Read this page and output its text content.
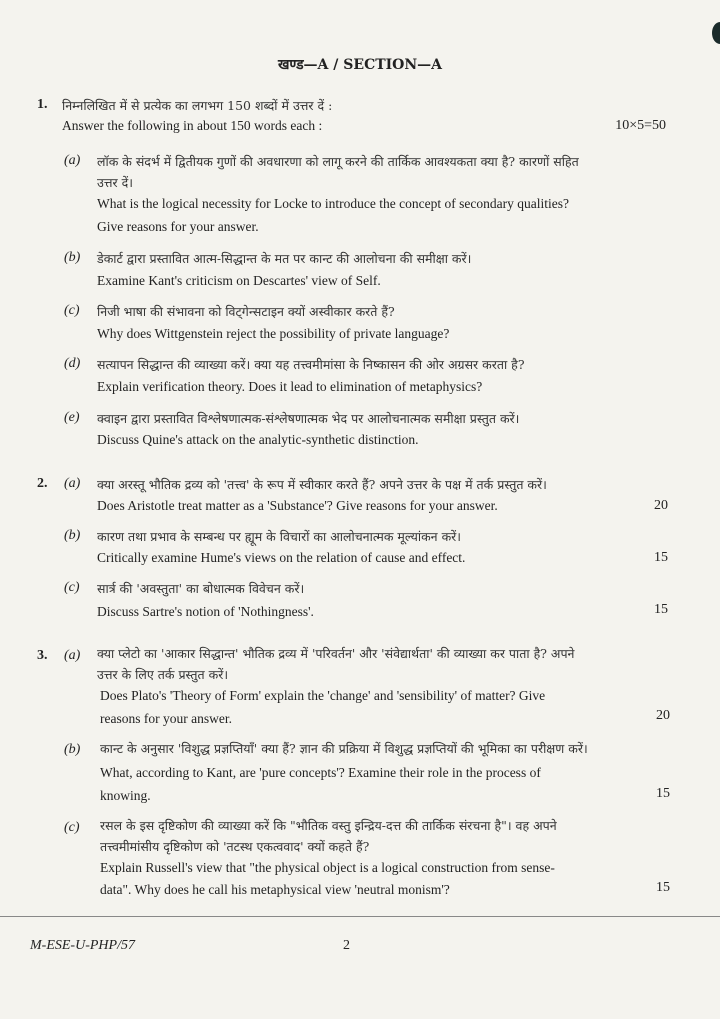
खण्ड—A / SECTION—A
1. निम्नलिखित में से प्रत्येक का लगभग 150 शब्दों में उत्तर दें :
Answer the following in about 150 words each :	10×5=50
(a) लॉक के संदर्भ में द्वितीयक गुणों की अवधारणा को लागू करने की तार्किक आवश्यकता क्या है? कारणों सहित
उत्तर दें।
What is the logical necessity for Locke to introduce the concept of secondary qualities?
Give reasons for your answer.
(b) डेकार्ट द्वारा प्रस्तावित आत्म-सिद्धान्त के मत पर कान्ट की आलोचना की समीक्षा करें।
Examine Kant's criticism on Descartes' view of Self.
(c) निजी भाषा की संभावना को विट्गेन्सटाइन क्यों अस्वीकार करते हैं?
Why does Wittgenstein reject the possibility of private language?
(d) सत्यापन सिद्धान्त की व्याख्या करें। क्या यह तत्त्वमीमांसा के निष्कासन की ओर अग्रसर करता है?
Explain verification theory. Does it lead to elimination of metaphysics?
(e) क्वाइन द्वारा प्रस्तावित विश्लेषणात्मक-संश्लेषणात्मक भेद पर आलोचनात्मक समीक्षा प्रस्तुत करें।
Discuss Quine's attack on the analytic-synthetic distinction.
2. (a) क्या अरस्तू भौतिक द्रव्य को 'तत्त्व' के रूप में स्वीकार करते हैं? अपने उत्तर के पक्ष में तर्क प्रस्तुत करें।
Does Aristotle treat matter as a 'Substance'? Give reasons for your answer.	20
(b) कारण तथा प्रभाव के सम्बन्ध पर ह्यूम के विचारों का आलोचनात्मक मूल्यांकन करें।
Critically examine Hume's views on the relation of cause and effect.	15
(c) सार्त्र की 'अवस्तुता' का बोधात्मक विवेचन करें।
Discuss Sartre's notion of 'Nothingness'.	15
3. (a) क्या प्लेटो का 'आकार सिद्धान्त' भौतिक द्रव्य में 'परिवर्तन' और 'संवेद्यार्थता' की व्याख्या कर पाता है? अपने
उत्तर के लिए तर्क प्रस्तुत करें।
Does Plato's 'Theory of Form' explain the 'change' and 'sensibility' of matter? Give
reasons for your answer.	20
(b) कान्ट के अनुसार 'विशुद्ध प्रज्ञप्तियाँ' क्या हैं? ज्ञान की प्रक्रिया में विशुद्ध प्रज्ञप्तियों की भूमिका का परीक्षण करें।
What, according to Kant, are 'pure concepts'? Examine their role in the process of
knowing.	15
(c) रसल के इस दृष्टिकोण की व्याख्या करें कि "भौतिक वस्तु इन्द्रिय-दत्त की तार्किक संरचना है"। वह अपने
तत्त्वमीमांसीय दृष्टिकोण को 'तटस्थ एकत्ववाद' क्यों कहते हैं?
Explain Russell's view that "the physical object is a logical construction from sense-
data". Why does he call his metaphysical view 'neutral monism'?	15
M-ESE-U-PHP/57	2
